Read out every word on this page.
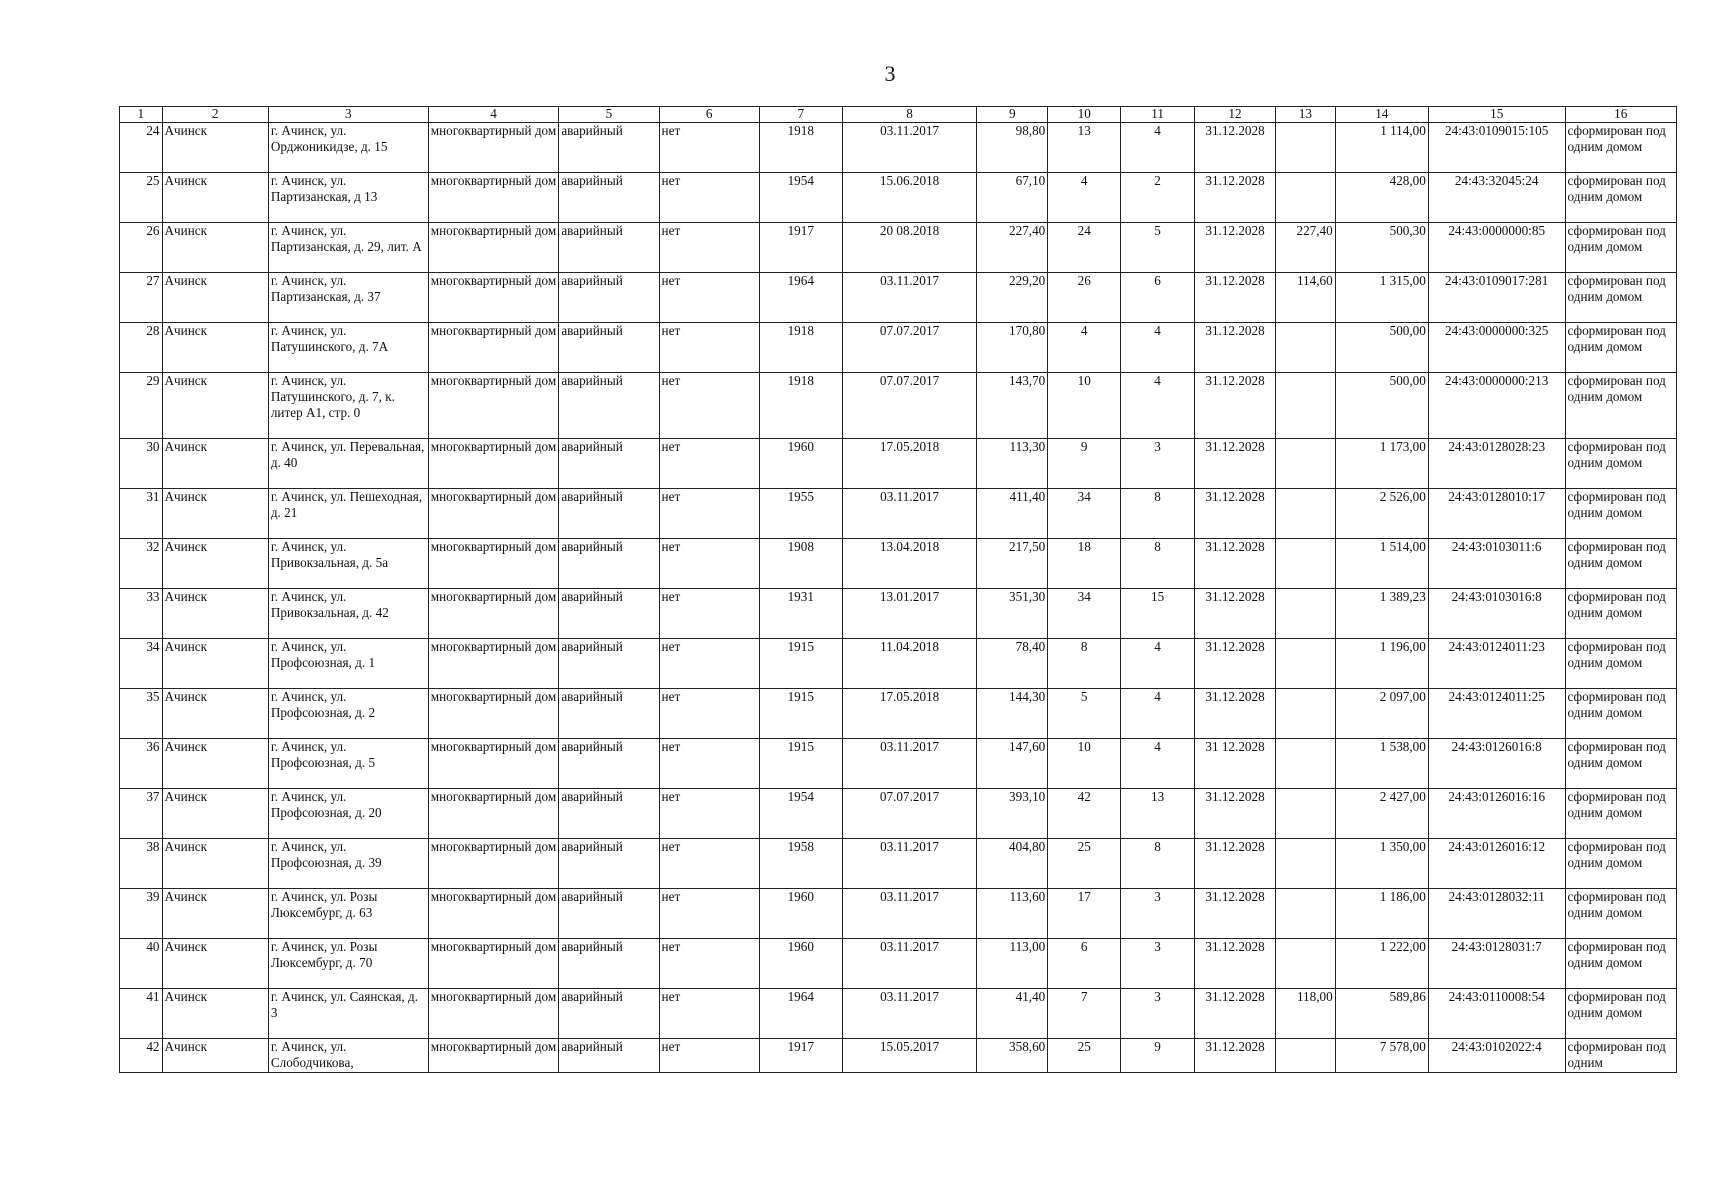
3
1	2	3	4	5	6	7	8	9	10	11	12	13	14	15	16
24	Ачинск	г. Ачинск, ул. Орджоникидзе, д. 15	многоквартирный дом	аварийный	нет	1918	03.11.2017	98,80	13	4	31.12.2028		1 114,00	24:43:0109015:105	сформирован под одним домом
25	Ачинск	г. Ачинск, ул. Партизанская, д 13	многоквартирный дом	аварийный	нет	1954	15.06.2018	67,10	4	2	31.12.2028		428,00	24:43:32045:24	сформирован под одним домом
26	Ачинск	г. Ачинск, ул. Партизанская, д. 29, лит. А	многоквартирный дом	аварийный	нет	1917	20 08.2018	227,40	24	5	31.12.2028	227,40	500,30	24:43:0000000:85	сформирован под одним домом
27	Ачинск	г. Ачинск, ул. Партизанская, д. 37	многоквартирный дом	аварийный	нет	1964	03.11.2017	229,20	26	6	31.12.2028	114,60	1 315,00	24:43:0109017:281	сформирован под одним домом
28	Ачинск	г. Ачинск, ул. Патушинского, д. 7А	многоквартирный дом	аварийный	нет	1918	07.07.2017	170,80	4	4	31.12.2028		500,00	24:43:0000000:325	сформирован под одним домом
29	Ачинск	г. Ачинск, ул. Патушинского, д. 7, к. литер А1, стр. 0	многоквартирный дом	аварийный	нет	1918	07.07.2017	143,70	10	4	31.12.2028		500,00	24:43:0000000:213	сформирован под одним домом
30	Ачинск	г. Ачинск, ул. Перевальная, д. 40	многоквартирный дом	аварийный	нет	1960	17.05.2018	113,30	9	3	31.12.2028		1 173,00	24:43:0128028:23	сформирован под одним домом
31	Ачинск	г. Ачинск, ул. Пешеходная, д. 21	многоквартирный дом	аварийный	нет	1955	03.11.2017	411,40	34	8	31.12.2028		2 526,00	24:43:0128010:17	сформирован под одним домом
32	Ачинск	г. Ачинск, ул. Привокзальная, д. 5а	многоквартирный дом	аварийный	нет	1908	13.04.2018	217,50	18	8	31.12.2028		1 514,00	24:43:0103011:6	сформирован под одним домом
33	Ачинск	г. Ачинск, ул. Привокзальная, д. 42	многоквартирный дом	аварийный	нет	1931	13.01.2017	351,30	34	15	31.12.2028		1 389,23	24:43:0103016:8	сформирован под одним домом
34	Ачинск	г. Ачинск, ул. Профсоюзная, д. 1	многоквартирный дом	аварийный	нет	1915	11.04.2018	78,40	8	4	31.12.2028		1 196,00	24:43:0124011:23	сформирован под одним домом
35	Ачинск	г. Ачинск, ул. Профсоюзная, д. 2	многоквартирный дом	аварийный	нет	1915	17.05.2018	144,30	5	4	31.12.2028		2 097,00	24:43:0124011:25	сформирован под одним домом
36	Ачинск	г. Ачинск, ул. Профсоюзная, д. 5	многоквартирный дом	аварийный	нет	1915	03.11.2017	147,60	10	4	31 12.2028		1 538,00	24:43:0126016:8	сформирован под одним домом
37	Ачинск	г. Ачинск, ул. Профсоюзная, д. 20	многоквартирный дом	аварийный	нет	1954	07.07.2017	393,10	42	13	31.12.2028		2 427,00	24:43:0126016:16	сформирован под одним домом
38	Ачинск	г. Ачинск, ул. Профсоюзная, д. 39	многоквартирный дом	аварийный	нет	1958	03.11.2017	404,80	25	8	31.12.2028		1 350,00	24:43:0126016:12	сформирован под одним домом
39	Ачинск	г. Ачинск, ул. Розы Люксембург, д. 63	многоквартирный дом	аварийный	нет	1960	03.11.2017	113,60	17	3	31.12.2028		1 186,00	24:43:0128032:11	сформирован под одним домом
40	Ачинск	г. Ачинск, ул. Розы Люксембург, д. 70	многоквартирный дом	аварийный	нет	1960	03.11.2017	113,00	6	3	31.12.2028		1 222,00	24:43:0128031:7	сформирован под одним домом
41	Ачинск	г. Ачинск, ул. Саянская, д. 3	многоквартирный дом	аварийный	нет	1964	03.11.2017	41,40	7	3	31.12.2028	118,00	589,86	24:43:0110008:54	сформирован под одним домом
42	Ачинск	г. Ачинск, ул. Слободчикова,	многоквартирный дом	аварийный	нет	1917	15.05.2017	358,60	25	9	31.12.2028		7 578,00	24:43:0102022:4	сформирован под одним
